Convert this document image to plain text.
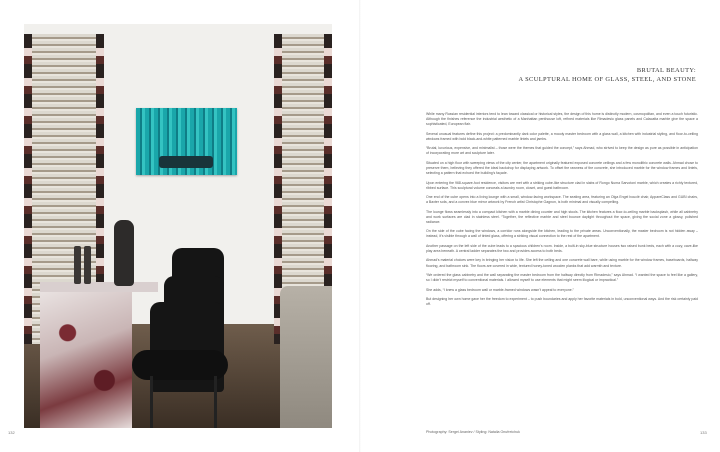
BRUTAL BEAUTY:
A SCULPTURAL HOME OF GLASS, STEEL, AND STONE

While many Russian residential interiors tend to lean toward classical or historical styles, the design of this home is distinctly modern, cosmopolitan, and even a touch futuristic. Although the finishes reference the industrial aesthetic of a Manhattan penthouse loft, refined materials like Rimadesio glass panels and Calacatta marble give the space a sophisticated, European flair.

Several unusual features define this project: a predominantly dark color palette, a moody master bedroom with a glass wall, a kitchen with industrial styling, and floor-to-ceiling windows framed with bold black-and-white patterned marble lintels and jambs.

“Brutal, luxurious, expensive, and minimalist – those were the themes that guided the concept,” says Ahmad, who strived to keep the design as pure as possible in anticipation of incorporating more art and sculpture later.

Situated on a high floor with sweeping views of the city center, the apartment originally featured exposed concrete ceilings and a few monolithic concrete walls. Ahmad chose to preserve them, believing they offered the ideal backdrop for displaying artwork. To offset the rawness of the concrete, she introduced marble for the window frames and lintels, selecting a pattern that echoed the building’s façade.

Upon entering the 968-square-foot residence, visitors are met with a striking cube-like structure clad in slabs of Rongo Numa Sarvotoni marble, which creates a richly textured, ribbed surface. This sculptural volume conceals a laundry room, closet, and guest bathroom.

One end of the cube opens into a living lounge with a small, window-facing workspace. The seating area, featuring an Olga Engel bouclé chair, AppareClass and GUBI chairs, a Baxter sofa, and a convex blue mirror artwork by French artist Christophe Gagnon, is both minimal and visually compelling.

The lounge flows seamlessly into a compact kitchen with a marble dining counter and high stools. The kitchen features a floor-to-ceiling marble backsplash, while all cabinetry and work surfaces are clad in stainless steel. “Together, the reflective marble and steel bounce daylight throughout the space, giving the social zone a glossy, polished radiance.

On the side of the cube facing the windows, a corridor runs alongside the kitchen, leading to the private areas. Unconventionally, the master bedroom is not hidden away – instead, it’s visible through a wall of tinted glass, offering a striking visual connection to the rest of the apartment.

Another passage on the left side of the cube leads to a spacious children’s room. Inside, a built-in sky-blue structure houses two raised bunk beds, each with a cozy, cave-like play area beneath. A central ladder separates the two and provides access to both beds.

Ahmad’s material choices were key in bringing her vision to life. She left the ceiling and one concrete wall bare, while using marble for the window frames, baseboards, hallway flooring, and bathroom sink. The floors are covered in wide, textured honey-toned wooden planks that add warmth and texture.

“We ordered the glass cabinetry and the wall separating the master bedroom from the hallway directly from Rimadesio,” says Ahmad. “I wanted the space to feel like a gallery, so I didn’t restrict myself to conventional materials. I allowed myself to use elements that might seem illogical or impractical.”

She adds, “I knew a glass bedroom wall or marble-framed windows wasn’t appeal to everyone.”

But designing her own home gave her the freedom to experiment – to push boundaries and apply her favorite materials in bold, unconventional ways. And the risk certainly paid off.

Photography: Sergei Ananiev / Styling: Natalia Onufreichuk
132	133
